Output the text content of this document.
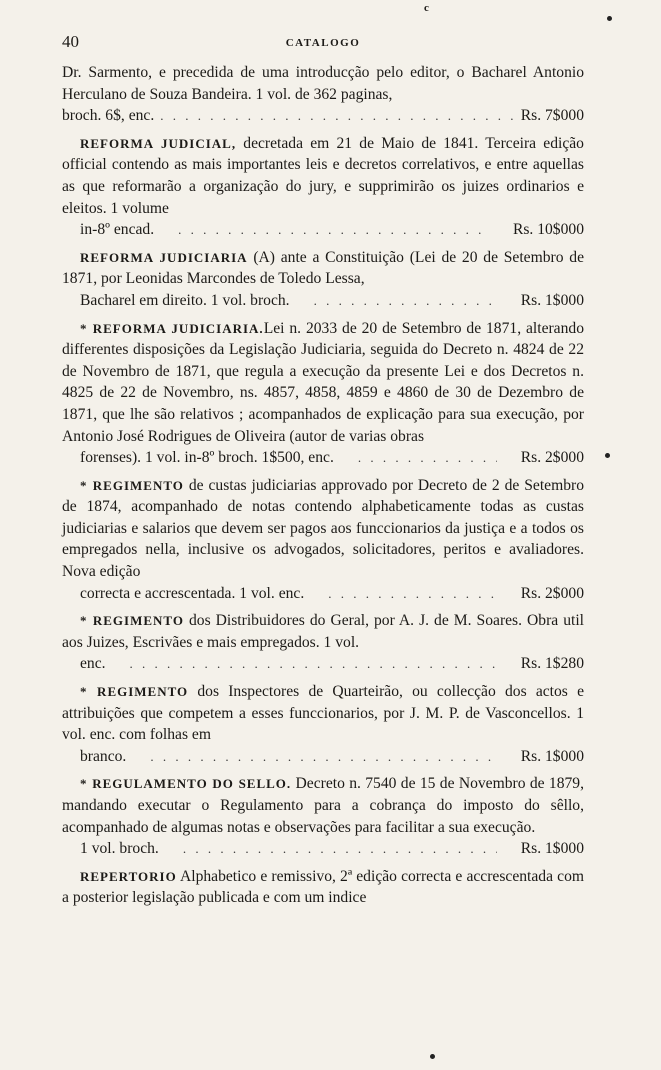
c
40	CATALOGO

Dr. Sarmento, e precedida de uma introducção pelo editor, o Bacharel Antonio Herculano de Souza Bandeira. 1 vol. de 362 paginas,
broch. 6$, enc. . . .	Rs. 7$000

REFORMA JUDICIAL, decretada em 21 de Maio de 1841. Terceira edição official contendo as mais importantes leis e decretos correlativos, e entre aquellas as que reformarão a organização do jury, e supprimirão os juizes ordinarios e eleitos. 1 volume
in-8º encad. . . .	Rs. 10$000

REFORMA JUDICIARIA (A) ante a Constituição (Lei de 20 de Setembro de 1871, por Leonidas Marcondes de Toledo Lessa,
Bacharel em direito. 1 vol. broch. . . .	Rs. 1$000

* REFORMA JUDICIARIA.Lei n. 2033 de 20 de Setembro de 1871, alterando differentes disposições da Legislação Judiciaria, seguida do Decreto n. 4824 de 22 de Novembro de 1871, que regula a execução da presente Lei e dos Decretos n. 4825 de 22 de Novembro, ns. 4857, 4858, 4859 e 4860 de 30 de Dezembro de 1871, que lhe são relativos ; acompanhados de explicação para sua execução, por Antonio José Rodrigues de Oliveira (autor de varias obras
forenses). 1 vol. in-8º broch. 1$500, enc. . . .	Rs. 2$000

* REGIMENTO de custas judiciarias approvado por Decreto de 2 de Setembro de 1874, acompanhado de notas contendo alphabeticamente todas as custas judiciarias e salarios que devem ser pagos aos funccionarios da justiça e a todos os empregados nella, inclusive os advogados, solicitadores, peritos e avaliadores. Nova edição
correcta e accrescentada. 1 vol. enc. . . .	Rs. 2$000

* REGIMENTO dos Distribuidores do Geral, por A. J. de M. Soares. Obra util aos Juizes, Escrivães e mais empregados. 1 vol.
enc. . . .	Rs. 1$280

* REGIMENTO dos Inspectores de Quarteirão, ou collecção dos actos e attribuições que competem a esses funccionarios, por J. M. P. de Vasconcellos. 1 vol. enc. com folhas em
branco. . . .	Rs. 1$000

* REGULAMENTO DO SELLO. Decreto n. 7540 de 15 de Novembro de 1879, mandando executar o Regulamento para a cobrança do imposto do sêllo, acompanhado de algumas notas e observações para facilitar a sua execução.
1 vol. broch. . . .	Rs. 1$000

REPERTORIO Alphabetico e remissivo, 2ª edição correcta e accrescentada com a posterior legislação publicada e com um indice
